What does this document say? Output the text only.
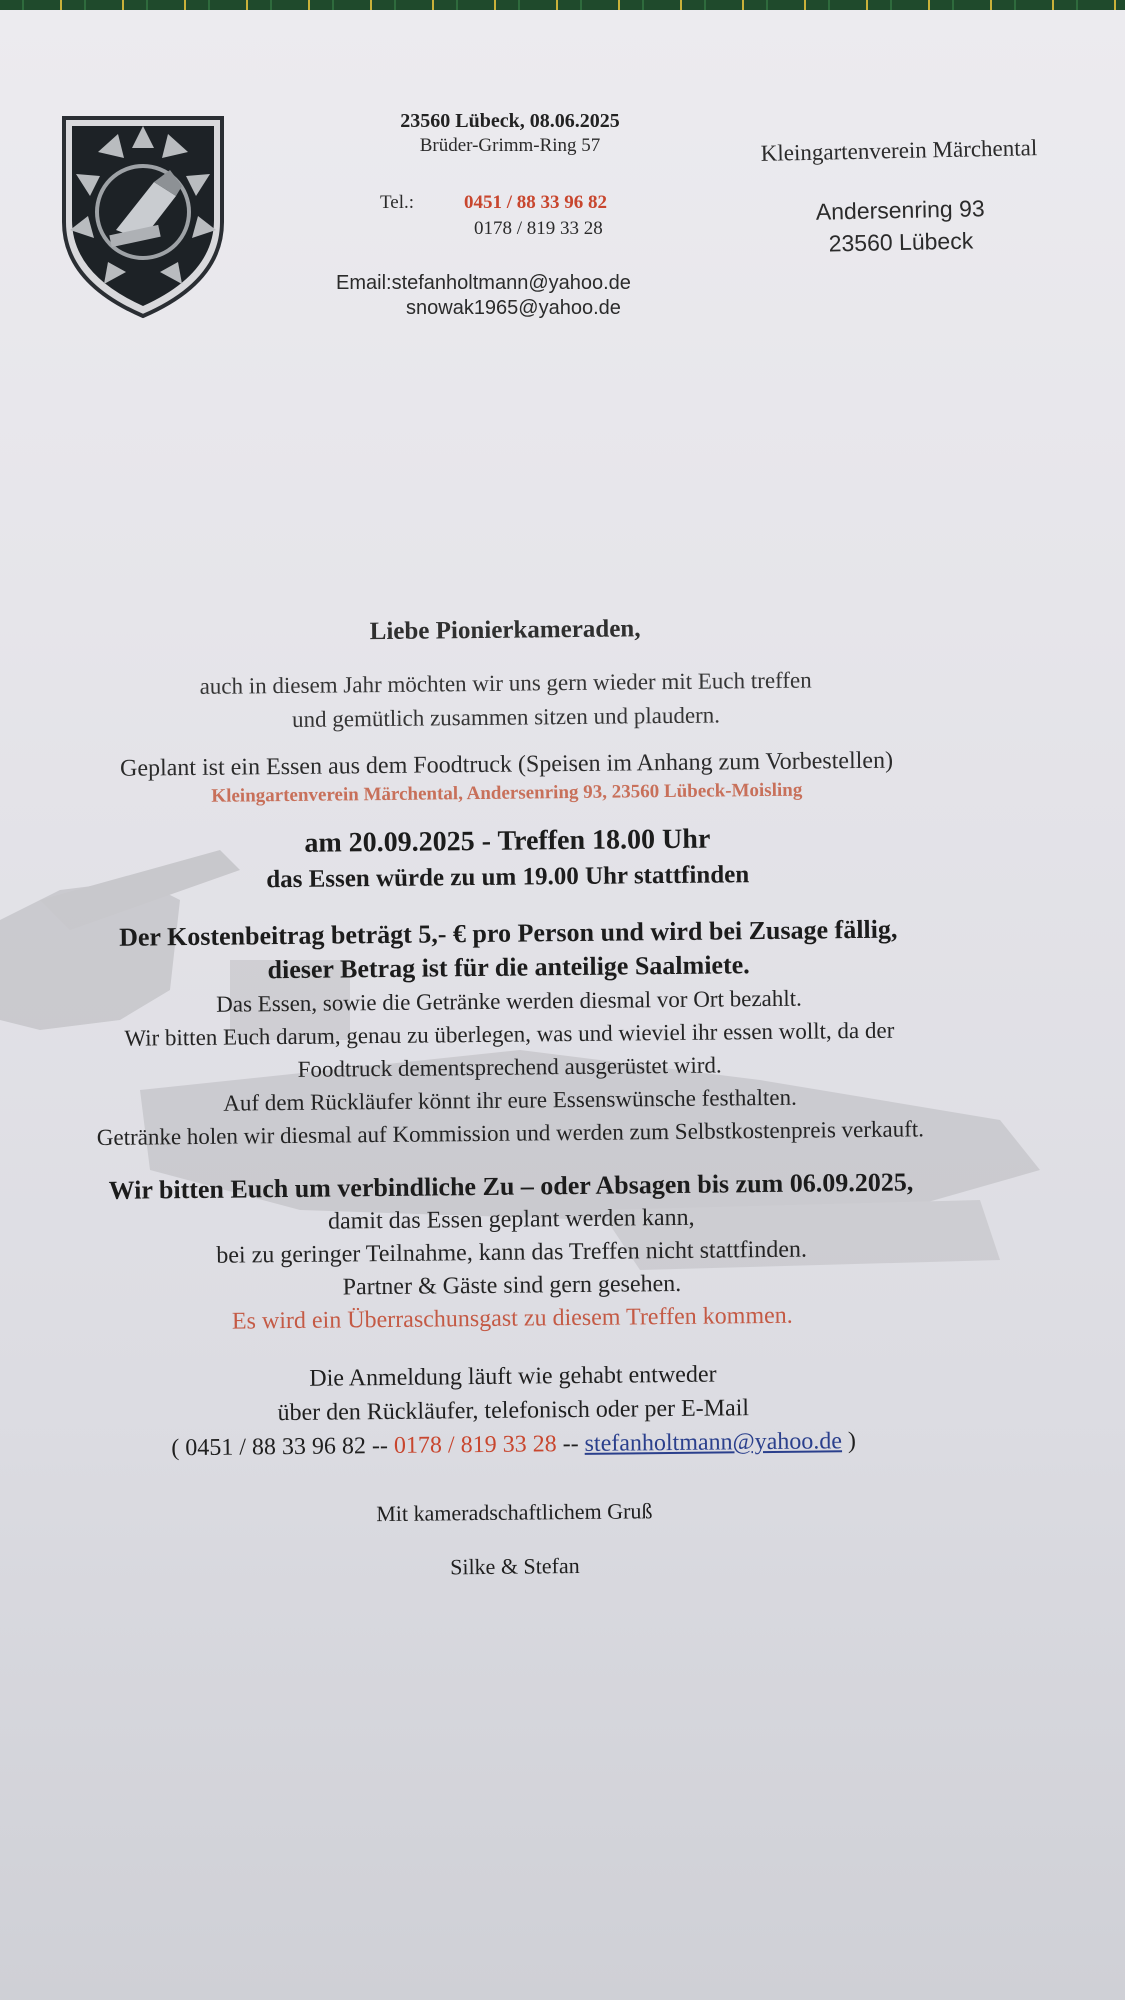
23560 Lübeck, 08.06.2025
Brüder-Grimm-Ring 57
Tel.:	0451 / 88 33 96 82
0178 / 819 33 28
Email:stefanholtmann@yahoo.de
snowak1965@yahoo.de
Kleingartenverein Märchental
Andersenring 93
23560 Lübeck
Liebe Pionierkameraden,
auch in diesem Jahr möchten wir uns gern wieder mit Euch treffen
und gemütlich zusammen sitzen und plaudern.
Geplant ist ein Essen aus dem Foodtruck (Speisen im Anhang zum Vorbestellen)
Kleingartenverein Märchental, Andersenring 93, 23560 Lübeck-Moisling
am 20.09.2025 - Treffen 18.00 Uhr
das Essen würde zu um 19.00 Uhr stattfinden
Der Kostenbeitrag beträgt 5,- € pro Person und wird bei Zusage fällig,
dieser Betrag ist für die anteilige Saalmiete.
Das Essen, sowie die Getränke werden diesmal vor Ort bezahlt.
Wir bitten Euch darum, genau zu überlegen, was und wieviel ihr essen wollt, da der
Foodtruck dementsprechend ausgerüstet wird.
Auf dem Rückläufer könnt ihr eure Essenswünsche festhalten.
Getränke holen wir diesmal auf Kommission und werden zum Selbstkostenpreis verkauft.
Wir bitten Euch um verbindliche Zu – oder Absagen bis zum 06.09.2025,
damit das Essen geplant werden kann,
bei zu geringer Teilnahme, kann das Treffen nicht stattfinden.
Partner & Gäste sind gern gesehen.
Es wird ein Überraschunsgast zu diesem Treffen kommen.
Die Anmeldung läuft wie gehabt entweder
über den Rückläufer, telefonisch oder per E-Mail
( 0451 / 88 33 96 82 -- 0178 / 819 33 28 -- stefanholtmann@yahoo.de )
Mit kameradschaftlichem Gruß
Silke & Stefan
